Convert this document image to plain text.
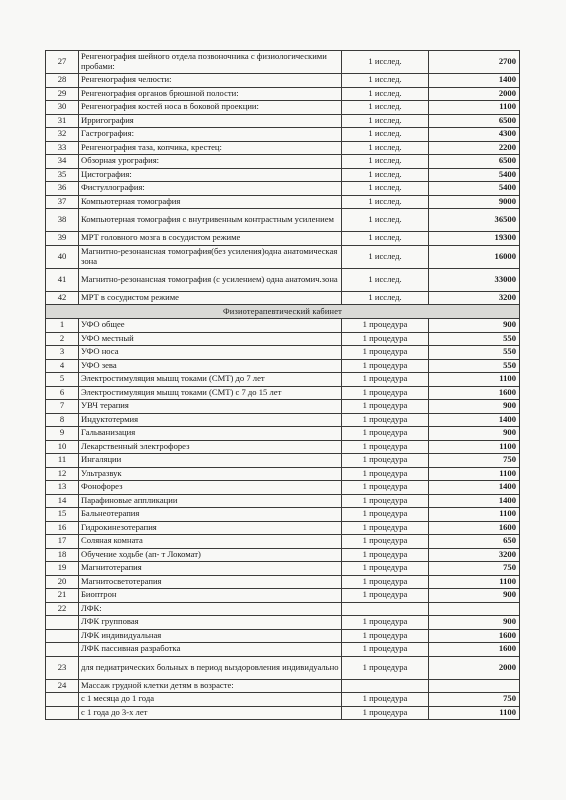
27	Ренгенография шейного отдела позвоночника с физиологическими пробами:	1 исслед.	2700
28	Ренгенография челюсти:	1 исслед.	1400
29	Ренгенография органов брюшной полости:	1 исслед.	2000
30	Ренгенография костей носа в боковой проекции:	1 исслед.	1100
31	Ирригография	1 исслед.	6500
32	Гастрография:	1 исслед.	4300
33	Ренгенография таза, копчика, крестец:	1 исслед.	2200
34	Обзорная урография:	1 исслед.	6500
35	Цистография:	1 исслед.	5400
36	Фистуллография:	1 исслед.	5400
37	Компьютерная томография	1 исслед.	9000
38	Компьютерная томография с внутривенным контрастным усилением	1 исслед.	36500
39	МРТ головного мозга в сосудистом режиме	1 исслед.	19300
40	Магнитно-резонансная томография(без усиления)одна анатомическая зона	1 исслед.	16000
41	Магнитно-резонансная томография (с усилением) одна анатомич.зона	1 исслед.	33000
42	МРТ в сосудистом режиме	1 исслед.	3200
Физиотерапевтический кабинет			
1	УФО общее	1 процедура	900
2	УФО местный	1 процедура	550
3	УФО носа	1 процедура	550
4	УФО зева	1 процедура	550
5	Электростимуляция мышц токами (СМТ) до 7 лет	1 процедура	1100
6	Электростимуляция мышц токами (СМТ) с 7 до 15 лет	1 процедура	1600
7	УВЧ терапия	1 процедура	900
8	Индуктотермия	1 процедура	1400
9	Гальванизация	1 процедура	900
10	Лекарственный электрофорез	1 процедура	1100
11	Ингаляции	1 процедура	750
12	Ультразвук	1 процедура	1100
13	Фонофорез	1 процедура	1400
14	Парафиновые аппликации	1 процедура	1400
15	Бальнеотерапия	1 процедура	1100
16	Гидрокинезотерапия	1 процедура	1600
17	Соляная комната	1 процедура	650
18	Обучение ходьбе (ап- т Локомат)	1 процедура	3200
19	Магнитотерапия	1 процедура	750
20	Магнитосветотерапия	1 процедура	1100
21	Биоптрон	1 процедура	900
22	ЛФК:		
	ЛФК групповая	1 процедура	900
	ЛФК индивидуальная	1 процедура	1600
	ЛФК пассивная разработка	1 процедура	1600
23	для педиатрических больных в период выздоровления индивидуально	1 процедура	2000
24	Массаж грудной клетки детям в возрасте:		
	с 1 месяца до 1 года	1 процедура	750
	с 1 года до 3-х лет	1 процедура	1100
